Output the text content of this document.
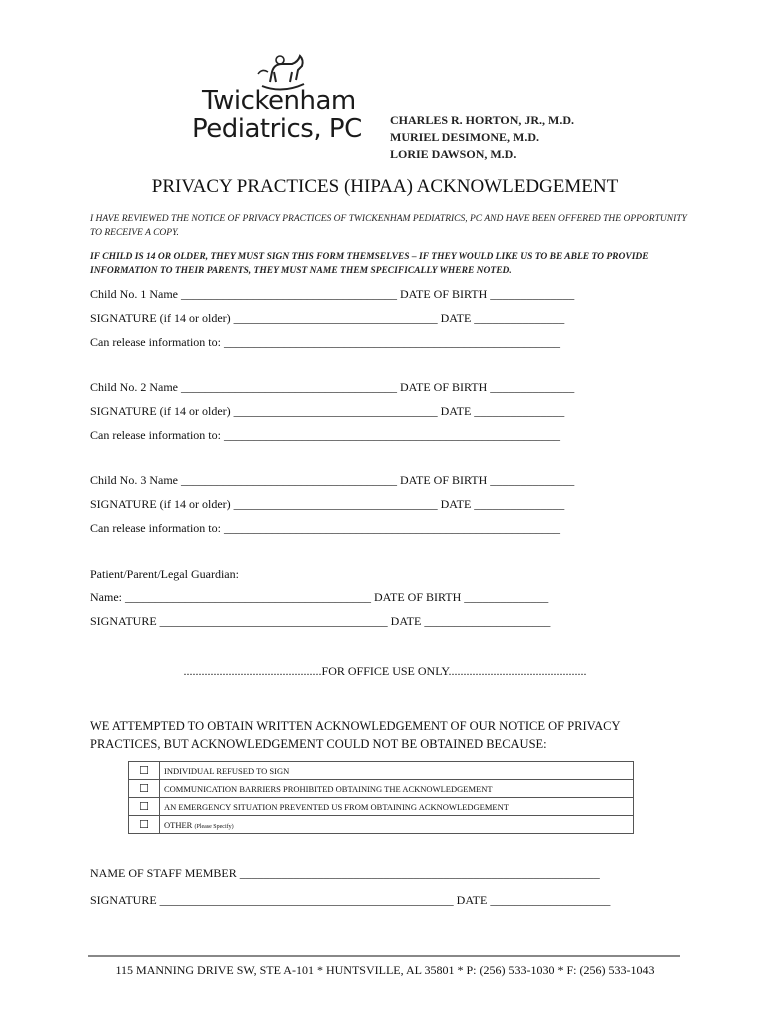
Twickenham
Pediatrics, PC CHARLES R. HORTON, JR., M.D.
MURIEL DESIMONE, M.D.
LORIE DAWSON, M.D.
PRIVACY PRACTICES (HIPAA) ACKNOWLEDGEMENT
I HAVE REVIEWED THE NOTICE OF PRIVACY PRACTICES OF TWICKENHAM PEDIATRICS, PC AND HAVE BEEN OFFERED THE OPPORTUNITY TO RECEIVE A COPY.
IF CHILD IS 14 OR OLDER, THEY MUST SIGN THIS FORM THEMSELVES – IF THEY WOULD LIKE US TO BE ABLE TO PROVIDE INFORMATION TO THEIR PARENTS, THEY MUST NAME THEM SPECIFICALLY WHERE NOTED.
Child No. 1 Name ____________________________________ DATE OF BIRTH ______________
SIGNATURE (if 14 or older) __________________________________ DATE _______________
Can release information to: ________________________________________________________
Child No. 2 Name ____________________________________ DATE OF BIRTH ______________
SIGNATURE (if 14 or older) __________________________________ DATE _______________
Can release information to: ________________________________________________________
Child No. 3 Name ____________________________________ DATE OF BIRTH ______________
SIGNATURE (if 14 or older) __________________________________ DATE _______________
Can release information to: ________________________________________________________
Patient/Parent/Legal Guardian:
Name: _________________________________________ DATE OF BIRTH ______________
SIGNATURE ______________________________________ DATE _____________________
..............................................FOR OFFICE USE ONLY..............................................
WE ATTEMPTED TO OBTAIN WRITTEN ACKNOWLEDGEMENT OF OUR NOTICE OF PRIVACY PRACTICES, BUT ACKNOWLEDGEMENT COULD NOT BE OBTAINED BECAUSE:
☐	INDIVIDUAL REFUSED TO SIGN
☐	COMMUNICATION BARRIERS PROHIBITED OBTAINING THE ACKNOWLEDGEMENT
☐	AN EMERGENCY SITUATION PREVENTED US FROM OBTAINING ACKNOWLEDGEMENT
☐	OTHER (Please Specify)
NAME OF STAFF MEMBER ____________________________________________________________
SIGNATURE _________________________________________________ DATE ____________________
115 MANNING DRIVE SW, STE A-101 * HUNTSVILLE, AL 35801 * P: (256) 533-1030 * F: (256) 533-1043
